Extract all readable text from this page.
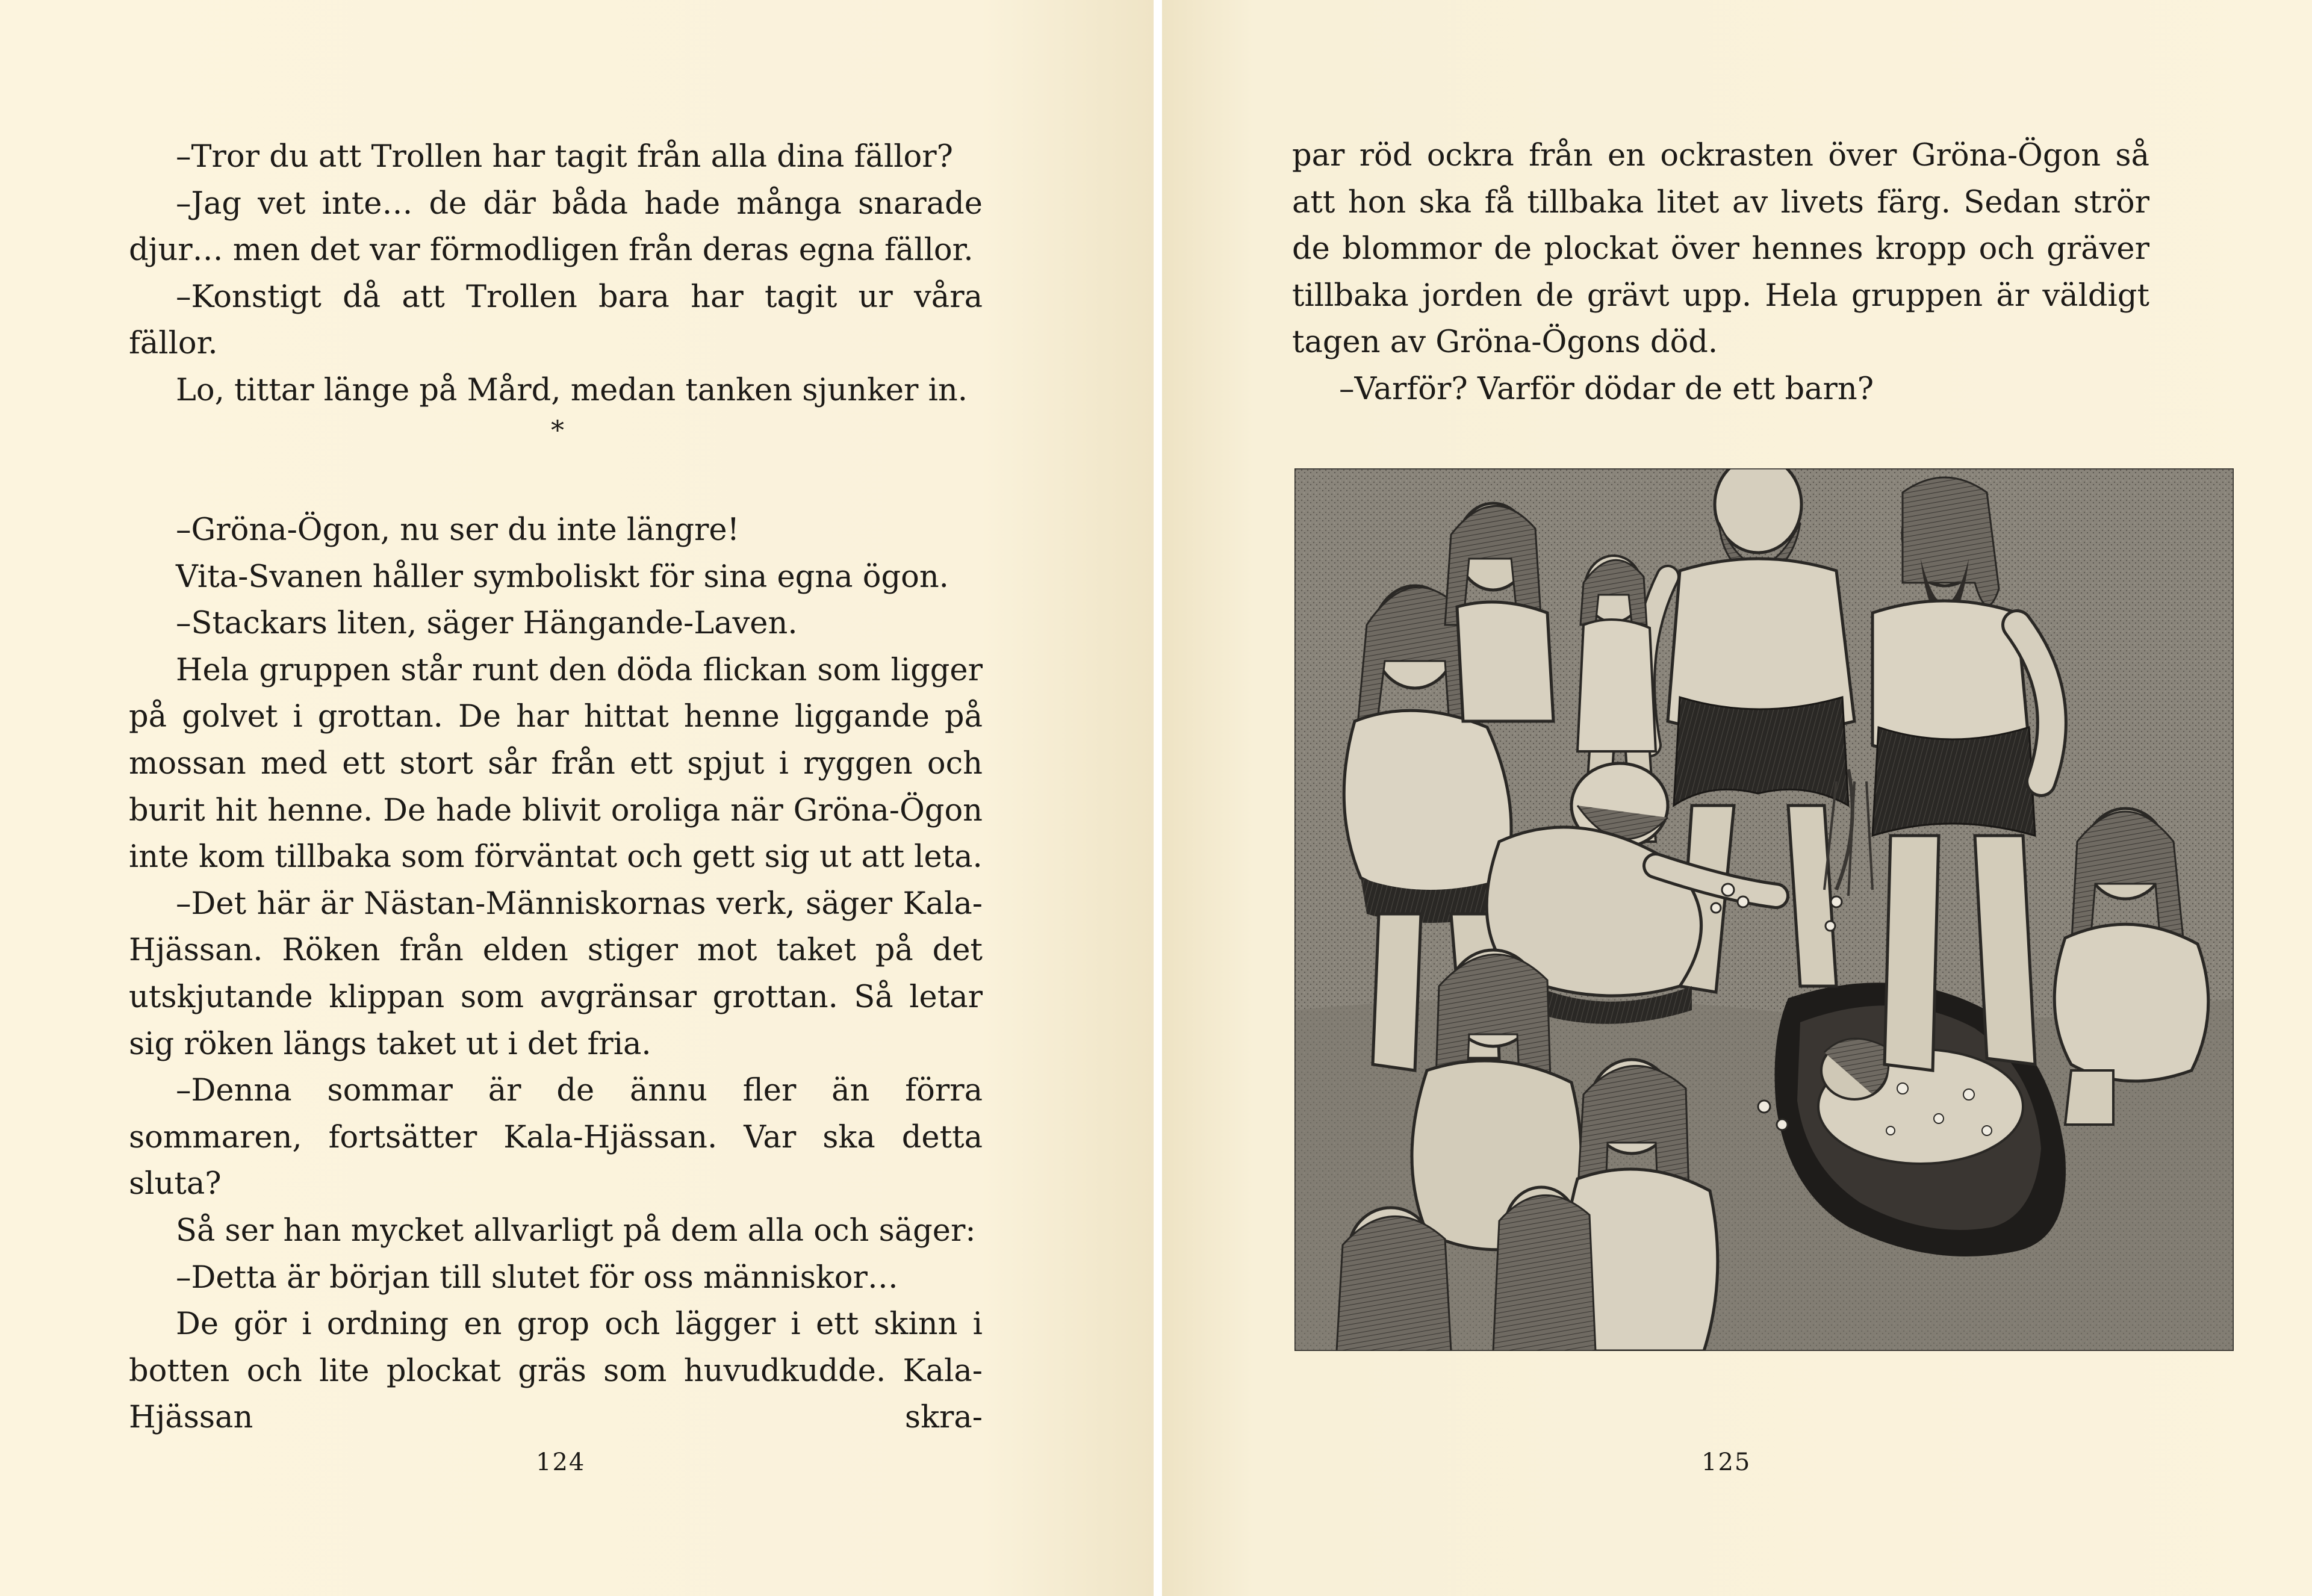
–Tror du att Trollen har tagit från alla dina fällor?

–Jag vet inte… de där båda hade många snarade djur… men det var förmodligen från deras egna fällor.

–Konstigt då att Trollen bara har tagit ur våra fällor.

Lo, tittar länge på Mård, medan tanken sjunker in.

*

–Gröna-Ögon, nu ser du inte längre!

Vita-Svanen håller symboliskt för sina egna ögon.

–Stackars liten, säger Hängande-Laven.

Hela gruppen står runt den döda flickan som ligger på golvet i grottan. De har hittat henne liggande på mossan med ett stort sår från ett spjut i ryggen och burit hit henne. De hade blivit oroliga när Gröna-Ögon inte kom tillbaka som förväntat och gett sig ut att leta.

–Det här är Nästan-Människornas verk, säger Kala-Hjässan. Röken från elden stiger mot taket på det utskjutande klippan som avgränsar grottan. Så letar sig röken längs taket ut i det fria.

–Denna sommar är de ännu fler än förra sommaren, fortsätter Kala-Hjässan. Var ska detta sluta?

Så ser han mycket allvarligt på dem alla och säger:

–Detta är början till slutet för oss människor…

De gör i ordning en grop och lägger i ett skinn i botten och lite plockat gräs som huvudkudde. Kala-Hjässan skra-

124

par röd ockra från en ockrasten över Gröna-Ögon så att hon ska få tillbaka litet av livets färg. Sedan strör de blommor de plockat över hennes kropp och gräver tillbaka jorden de grävt upp. Hela gruppen är väldigt tagen av Gröna-Ögons död.

–Varför? Varför dödar de ett barn?

125
